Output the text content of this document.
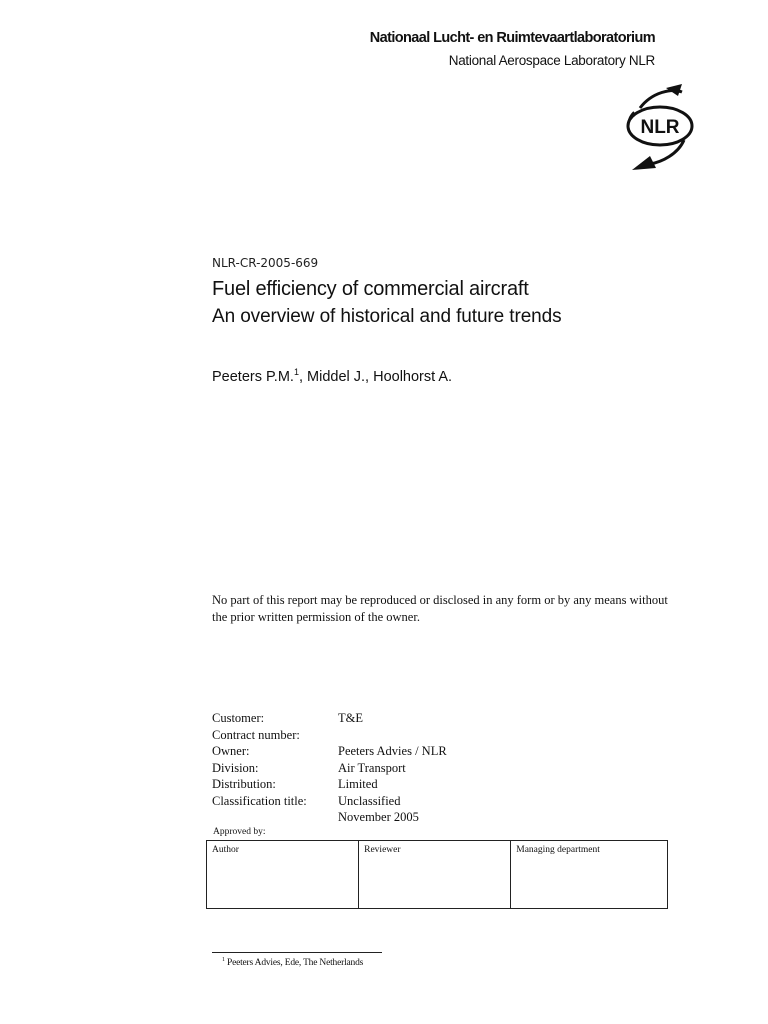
Nationaal Lucht- en Ruimtevaartlaboratorium
National Aerospace Laboratory NLR
NLR
NLR-CR-2005-669
Fuel efficiency of commercial aircraft
An overview of historical and future trends
Peeters P.M.$^1$, Middel J., Hoolhorst A.
No part of this report may be reproduced or disclosed in any form or by any means without the prior written permission of the owner.
Customer:	T&E
Contract number:
Owner:	Peeters Advies / NLR
Division:	Air Transport
Distribution:	Limited
Classification title:	Unclassified
November 2005
Approved by:
Author	Reviewer	Managing department
$^1$ Peeters Advies, Ede, The Netherlands
